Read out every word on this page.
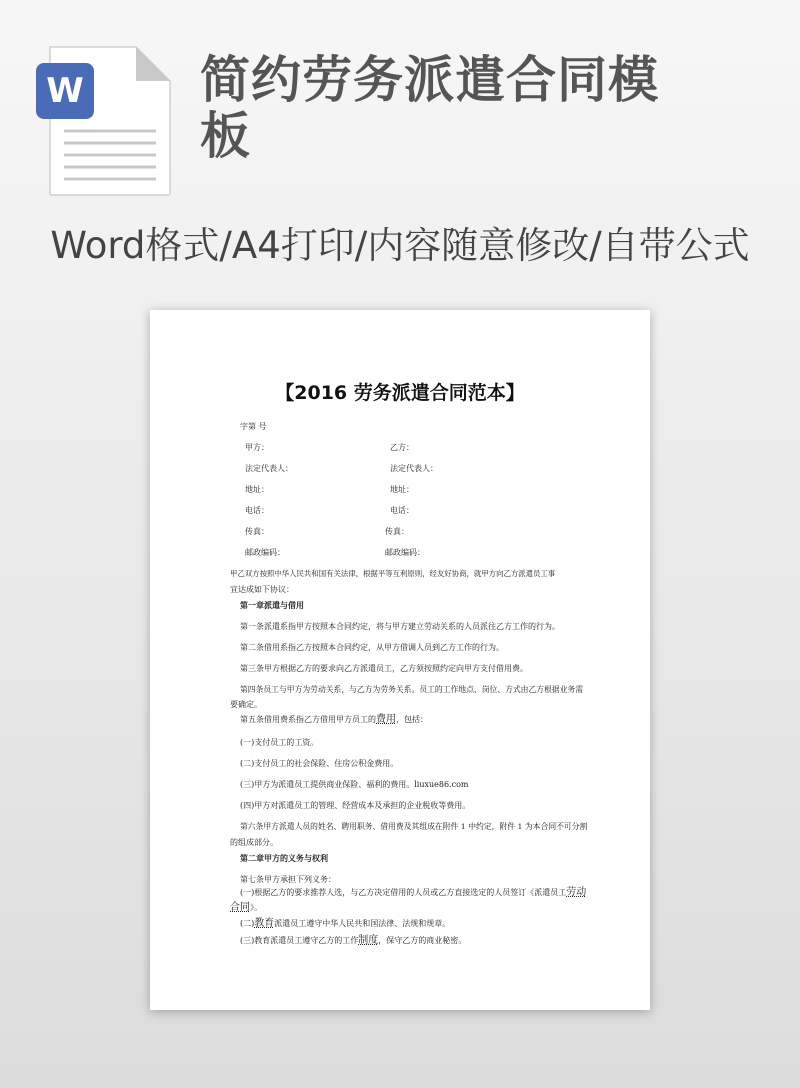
W 简约劳务派遣合同模板
Word格式/A4打印/内容随意修改/自带公式
【2016 劳务派遣合同范本】
字第 号
甲方：	乙方：
法定代表人：	法定代表人：
地址：	地址：
电话：	电话：
传真：	传真：
邮政编码：	邮政编码：
甲乙双方按照中华人民共和国有关法律，根据平等互利原则，经友好协商，就甲方向乙方派遣员工事
宜达成如下协议：
第一章派遣与借用
第一条派遣系指甲方按照本合同约定，将与甲方建立劳动关系的人员派往乙方工作的行为。
第二条借用系指乙方按照本合同约定，从甲方借调人员到乙方工作的行为。
第三条甲方根据乙方的要求向乙方派遣员工，乙方须按照约定向甲方支付借用费。
第四条员工与甲方为劳动关系，与乙方为劳务关系。员工的工作地点、岗位、方式由乙方根据业务需
要确定。
第五条借用费系指乙方借用甲方员工的费用，包括：
(一)支付员工的工资。
(二)支付员工的社会保险、住房公积金费用。
(三)甲方为派遣员工提供商业保险、福利的费用。liuxue86.com
(四)甲方对派遣员工的管理、经营成本及承担的企业税收等费用。
第六条甲方派遣人员的姓名、聘用职务、借用费及其组成在附件 1 中约定，附件 1 为本合同不可分割
的组成部分。
第二章甲方的义务与权利
第七条甲方承担下列义务：
(一)根据乙方的要求推荐人选，与乙方决定借用的人员或乙方直接选定的人员签订《派遣员工劳动
合同》。
(二)教育派遣员工遵守中华人民共和国法律、法规和规章。
(三)教育派遣员工遵守乙方的工作制度，保守乙方的商业秘密。
